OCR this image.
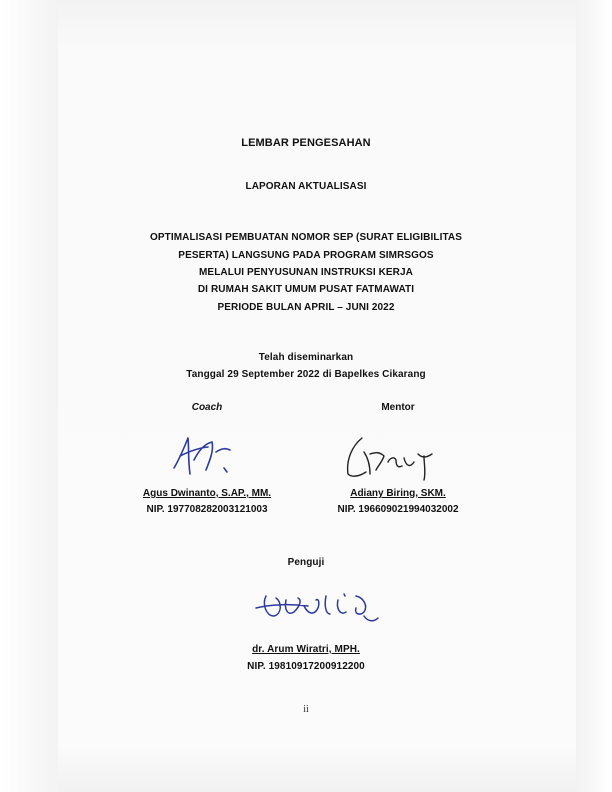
LEMBAR PENGESAHAN
LAPORAN AKTUALISASI
OPTIMALISASI PEMBUATAN NOMOR SEP (SURAT ELIGIBILITAS
PESERTA) LANGSUNG PADA PROGRAM SIMRSGOS
MELALUI PENYUSUNAN INSTRUKSI KERJA
DI RUMAH SAKIT UMUM PUSAT FATMAWATI
PERIODE BULAN APRIL – JUNI 2022
Telah diseminarkan
Tanggal 29 September 2022 di Bapelkes Cikarang
Coach
Agus Dwinanto, S.AP., MM.
NIP. 197708282003121003
Mentor
Adiany Biring, SKM.
NIP. 196609021994032002
Penguji
dr. Arum Wiratri, MPH.
NIP. 19810917200912200
ii
